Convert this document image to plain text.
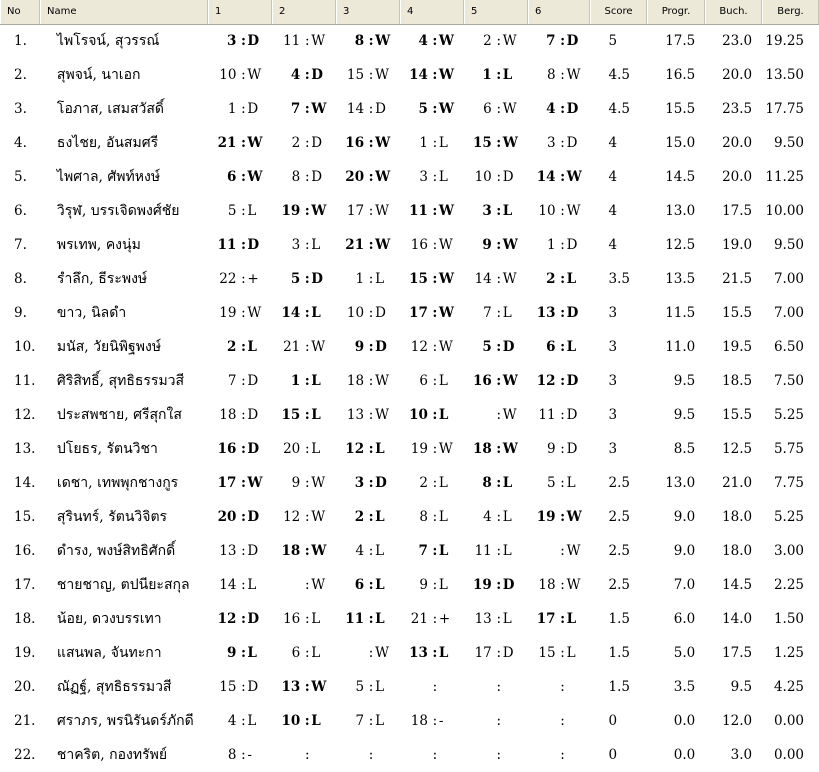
No	Name	1	2	3	4	5	6	Score	Progr.	Buch.	Berg.
1.	ไพโรจน์, สุวรรณ์	3 : D	11 : W	8 : W	4 : W	2 : W	7 : D	5	17.5	23.0 19.25
2.	สุพจน์, นาเอก	10 : W	4 : D	15 : W	14 : W	1 : L	8 : W	4.5	16.5	20.0 13.50
3.	โอภาส, เสมสวัสดิ์	1 : D	7 : W	14 : D	5 : W	6 : W	4 : D	4.5	15.5	23.5 17.75
4.	ธงไชย, อันสมศรี	21 : W	2 : D	16 : W	1 : L	15 : W	3 : D	4	15.0	20.0	9.50
5.	ไพศาล, ศัพท์หงษ์	6 : W	8 : D	20 : W	3 : L	10 : D	14 : W	4	14.5	20.0 11.25
6.	วิรุฬ, บรรเจิดพงศ์ชัย	5 : L	19 : W	17 : W	11 : W	3 : L	10 : W	4	13.0	17.5 10.00
7.	พรเทพ, คงนุ่ม	11 : D	3 : L	21 : W	16 : W	9 : W	1 : D	4	12.5	19.0	9.50
8.	รำลึก, ธีระพงษ์	22 : +	5 : D	1 : L	15 : W	14 : W	2 : L	3.5	13.5	21.5	7.00
9.	ขาว, นิลดำ	19 : W	14 : L	10 : D	17 : W	7 : L	13 : D	3	11.5	15.5	7.00
10.	มนัส, วัยนิพิฐพงษ์	2 : L	21 : W	9 : D	12 : W	5 : D	6 : L	3	11.0	19.5	6.50
11.	ศิริสิทธิ์, สุทธิธรรมวสี	7 : D	1 : L	18 : W	6 : L	16 : W	12 : D	3	9.5	18.5	7.50
12.	ประสพชาย, ศรีสุกใส	18 : D	15 : L	13 : W	10 : L	: W	11 : D	3	9.5	15.5	5.25
13.	ปโยธร, รัตนวิชา	16 : D	20 : L	12 : L	19 : W	18 : W	9 : D	3	8.5	12.5	5.75
14.	เดชา, เทพพุกชางกูร	17 : W	9 : W	3 : D	2 : L	8 : L	5 : L	2.5	13.0	21.0	7.75
15.	สุรินทร์, รัตนวิจิตร	20 : D	12 : W	2 : L	8 : L	4 : L	19 : W	2.5	9.0	18.0	5.25
16.	ดำรง, พงษ์สิทธิศักดิ์	13 : D	18 : W	4 : L	7 : L	11 : L	: W	2.5	9.0	18.0	3.00
17.	ชายชาญ, ตปนียะสกุล	14 : L	: W	6 : L	9 : L	19 : D	18 : W	2.5	7.0	14.5	2.25
18.	น้อย, ดวงบรรเทา	12 : D	16 : L	11 : L	21 : +	13 : L	17 : L	1.5	6.0	14.0	1.50
19.	แสนพล, จันทะกา	9 : L	6 : L	: W	13 : L	17 : D	15 : L	1.5	5.0	17.5	1.25
20.	ณัฏฐ์, สุทธิธรรมวสี	15 : D	13 : W	5 : L	:	:	:	1.5	3.5	9.5	4.25
21.	ศราภร, พรนิรันดร์ภักดี	4 : L	10 : L	7 : L	18 : -	:	:	0	0.0	12.0	0.00
22.	ชาคริต, กองทรัพย์	8 : -	:	:	:	:	:	0	0.0	3.0	0.00
